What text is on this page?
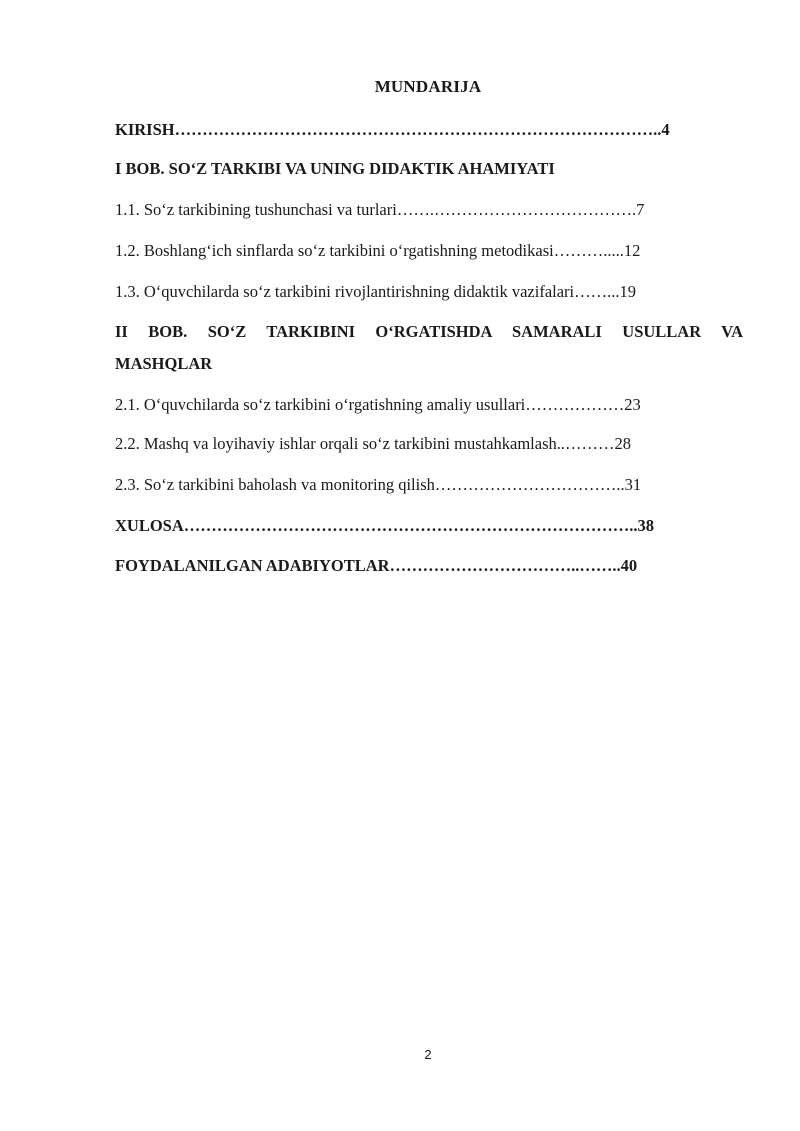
MUNDARIJA
KIRISH……………………………………………………………………………..4
I BOB. SO‘Z TARKIBI VA UNING DIDAKTIK AHAMIYATI
1.1. So‘z tarkibining tushunchasi va turlari…….……………………………….7
1.2. Boshlang‘ich sinflarda so‘z tarkibini o‘rgatishning metodikasi……….....12
1.3. O‘quvchilarda so‘z tarkibini rivojlantirishning didaktik vazifalari……...19
II BOB. SO‘Z TARKIBINI O‘RGATISHDA SAMARALI USULLAR VA
MASHQLAR
2.1. O‘quvchilarda so‘z tarkibini o‘rgatishning amaliy usullari………………23
2.2. Mashq va loyihaviy ishlar orqali so‘z tarkibini mustahkamlash..………28
2.3. So‘z tarkibini baholash va monitoring qilish……………………………..31
XULOSA………………………………………………………………………..38
FOYDALANILGAN ADABIYOTLAR……………………………..……..40
2
